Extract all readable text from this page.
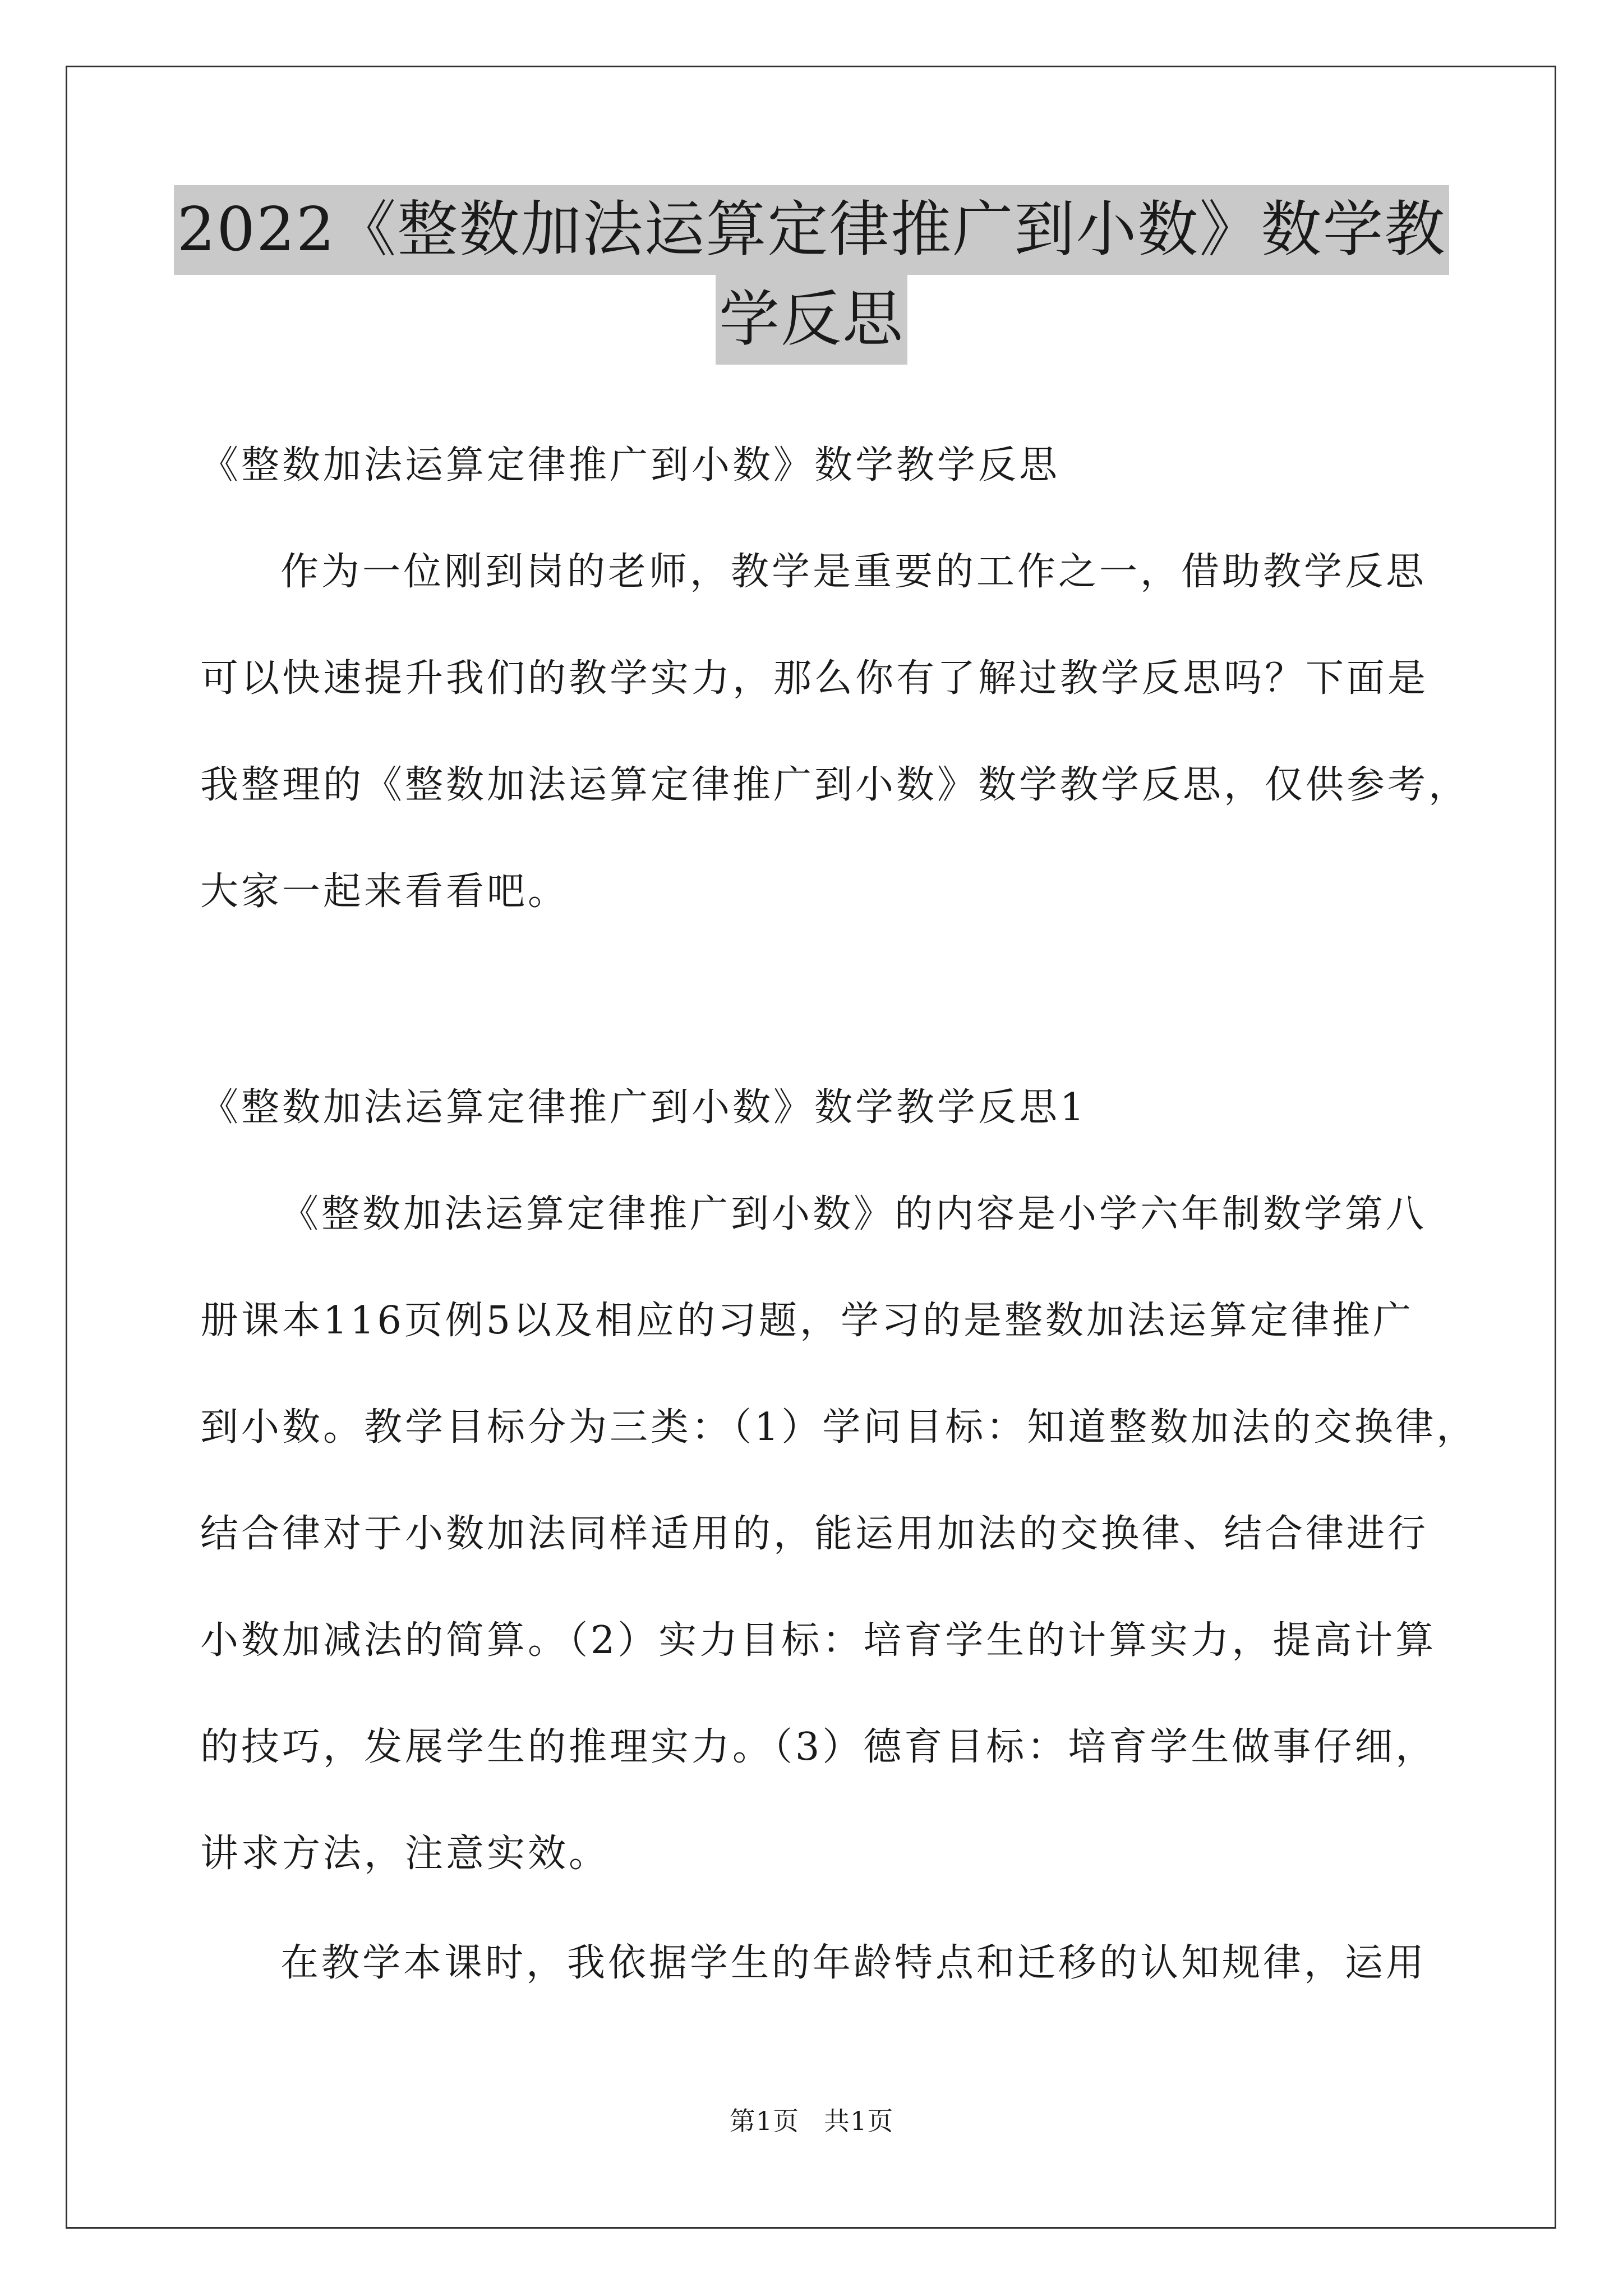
2022《整数加法运算定律推广到小数》数学教
学反思
《整数加法运算定律推广到小数》数学教学反思
作为一位刚到岗的老师，教学是重要的工作之一，借助教学反思
可以快速提升我们的教学实力，那么你有了解过教学反思吗？下面是
我整理的《整数加法运算定律推广到小数》数学教学反思，仅供参考，
大家一起来看看吧。
《整数加法运算定律推广到小数》数学教学反思1
《整数加法运算定律推广到小数》的内容是小学六年制数学第八
册课本116页例5以及相应的习题，学习的是整数加法运算定律推广
到小数。教学目标分为三类：（1）学问目标：知道整数加法的交换律，
结合律对于小数加法同样适用的，能运用加法的交换律、结合律进行
小数加减法的简算。（2）实力目标：培育学生的计算实力，提高计算
的技巧，发展学生的推理实力。（3）德育目标：培育学生做事仔细，
讲求方法，注意实效。
在教学本课时，我依据学生的年龄特点和迁移的认知规律，运用
第1页 共1页
